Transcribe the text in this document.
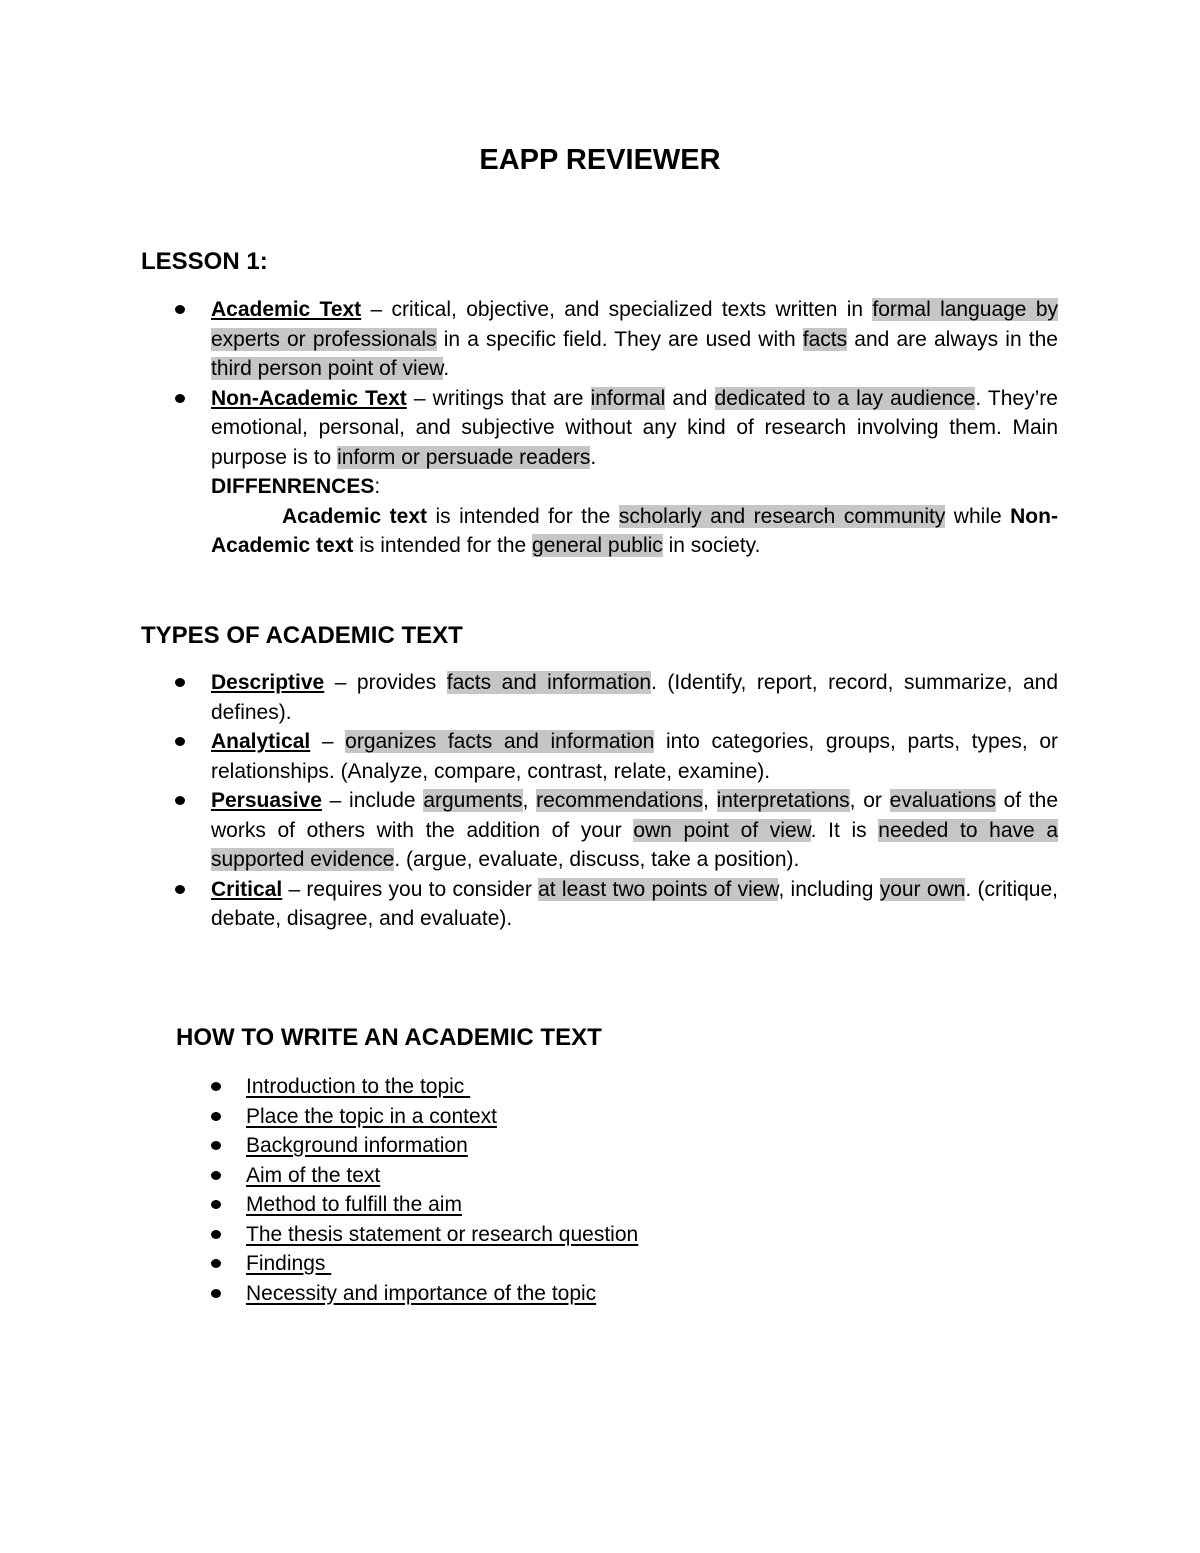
EAPP REVIEWER
LESSON 1:
Academic Text – critical, objective, and specialized texts written in formal language by experts or professionals in a specific field. They are used with facts and are always in the third person point of view.
Non-Academic Text – writings that are informal and dedicated to a lay audience. They’re emotional, personal, and subjective without any kind of research involving them. Main purpose is to inform or persuade readers.
DIFFENRENCES:
Academic text is intended for the scholarly and research community while Non-Academic text is intended for the general public in society.
TYPES OF ACADEMIC TEXT
Descriptive – provides facts and information. (Identify, report, record, summarize, and defines).
Analytical – organizes facts and information into categories, groups, parts, types, or relationships. (Analyze, compare, contrast, relate, examine).
Persuasive – include arguments, recommendations, interpretations, or evaluations of the works of others with the addition of your own point of view. It is needed to have a supported evidence. (argue, evaluate, discuss, take a position).
Critical – requires you to consider at least two points of view, including your own. (critique, debate, disagree, and evaluate).
HOW TO WRITE AN ACADEMIC TEXT
Introduction to the topic
Place the topic in a context
Background information
Aim of the text
Method to fulfill the aim
The thesis statement or research question
Findings
Necessity and importance of the topic
